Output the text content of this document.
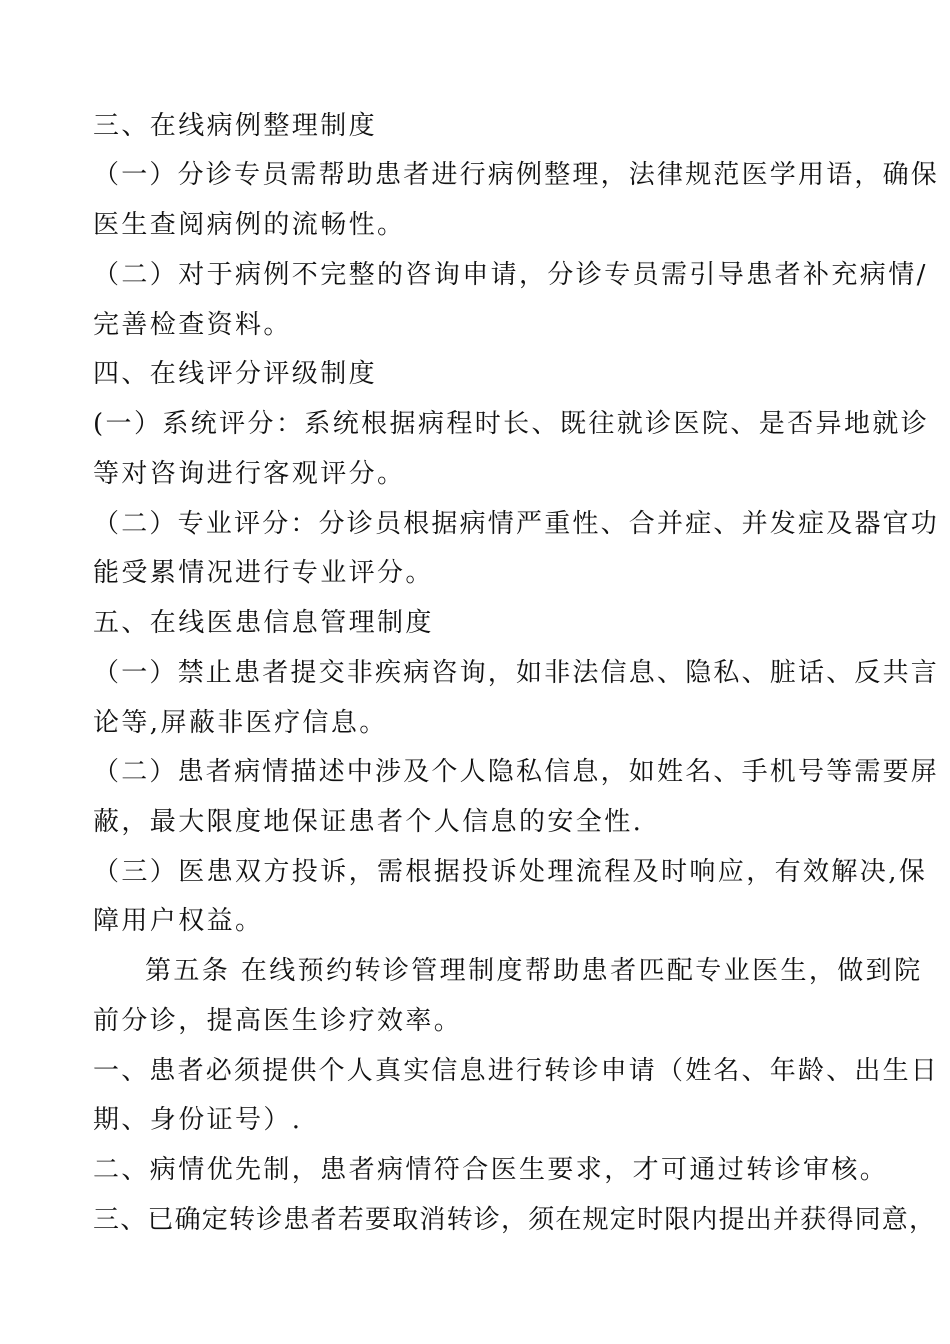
三、在线病例整理制度
（一）分诊专员需帮助患者进行病例整理，法律规范医学用语，确保
医生查阅病例的流畅性。
（二）对于病例不完整的咨询申请，分诊专员需引导患者补充病情/
完善检查资料。
四、在线评分评级制度
(一）系统评分：系统根据病程时长、既往就诊医院、是否异地就诊
等对咨询进行客观评分。
（二）专业评分：分诊员根据病情严重性、合并症、并发症及器官功
能受累情况进行专业评分。
五、在线医患信息管理制度
（一）禁止患者提交非疾病咨询，如非法信息、隐私、脏话、反共言
论等,屏蔽非医疗信息。
（二）患者病情描述中涉及个人隐私信息，如姓名、手机号等需要屏
蔽，最大限度地保证患者个人信息的安全性.
（三）医患双方投诉，需根据投诉处理流程及时响应，有效解决,保
障用户权益。
第五条 在线预约转诊管理制度帮助患者匹配专业医生，做到院
前分诊，提高医生诊疗效率。
一、患者必须提供个人真实信息进行转诊申请（姓名、年龄、出生日
期、身份证号）.
二、病情优先制，患者病情符合医生要求，才可通过转诊审核。
三、已确定转诊患者若要取消转诊，须在规定时限内提出并获得同意，
